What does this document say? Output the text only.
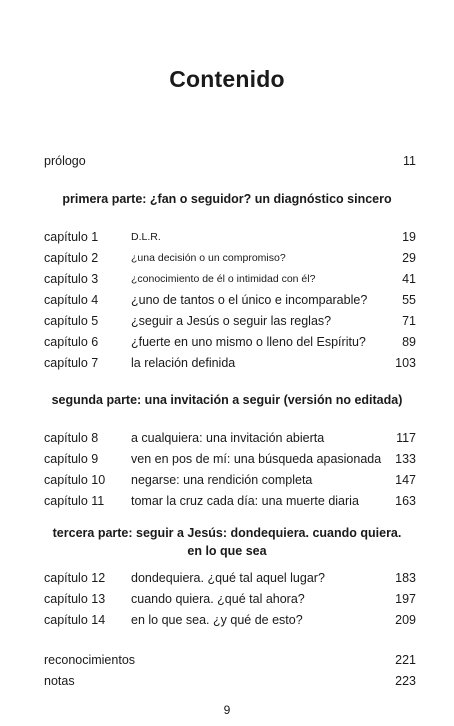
Contenido
prólogo	11
primera parte: ¿fan o seguidor? un diagnóstico sincero
capítulo 1	D.L.R.	19
capítulo 2	¿una decisión o un compromiso?	29
capítulo 3	¿conocimiento de él o intimidad con él?	41
capítulo 4	¿uno de tantos o el único e incomparable?	55
capítulo 5	¿seguir a Jesús o seguir las reglas?	71
capítulo 6	¿fuerte en uno mismo o lleno del Espíritu?	89
capítulo 7	la relación definida	103
segunda parte: una invitación a seguir (versión no editada)
capítulo 8	a cualquiera: una invitación abierta	117
capítulo 9	ven en pos de mí: una búsqueda apasionada 133
capítulo 10 negarse: una rendición completa	147
capítulo 11 tomar la cruz cada día: una muerte diaria	163
tercera parte: seguir a Jesús: dondequiera. cuando quiera.
en lo que sea
capítulo 12 dondequiera. ¿qué tal aquel lugar?	183
capítulo 13 cuando quiera. ¿qué tal ahora?	197
capítulo 14 en lo que sea. ¿y qué de esto?	209
reconocimientos	221
notas	223
9
